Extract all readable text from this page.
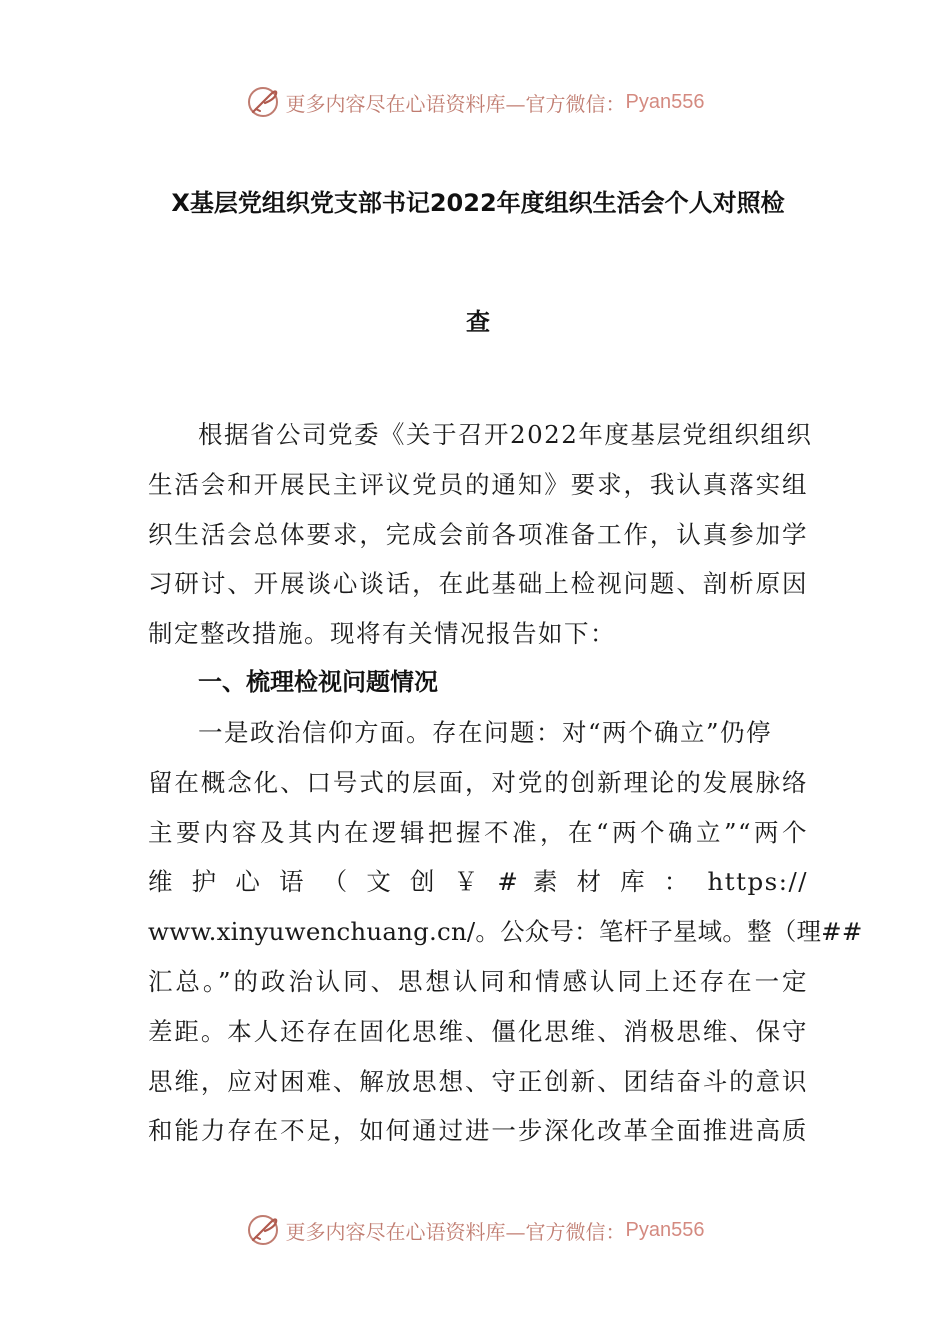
更多内容尽在心语资料库—官方微信： Pyan556
X基层党组织党支部书记2022年度组织生活会个人对照检
查
根据省公司党委《关于召开2022年度基层党组织组织
生活会和开展民主评议党员的通知》要求，我认真落实组
织生活会总体要求，完成会前各项准备工作，认真参加学
习研讨、开展谈心谈话，在此基础上检视问题、剖析原因
制定整改措施。现将有关情况报告如下：
一、梳理检视问题情况
一是政治信仰方面。存在问题：对“两个确立”仍停
留在概念化、口号式的层面，对党的创新理论的发展脉络
主要内容及其内在逻辑把握不准，在“两个确立”“两个
维 护 心 语 （ 文 创 ￥ # 素 材 库 ： https://
www.xinyuwenchuang.cn/。公众号：笔杆子星域。整（理##
汇总。”的政治认同、思想认同和情感认同上还存在一定
差距。本人还存在固化思维、僵化思维、消极思维、保守
思维，应对困难、解放思想、守正创新、团结奋斗的意识
和能力存在不足，如何通过进一步深化改革全面推进高质
更多内容尽在心语资料库—官方微信： Pyan556
